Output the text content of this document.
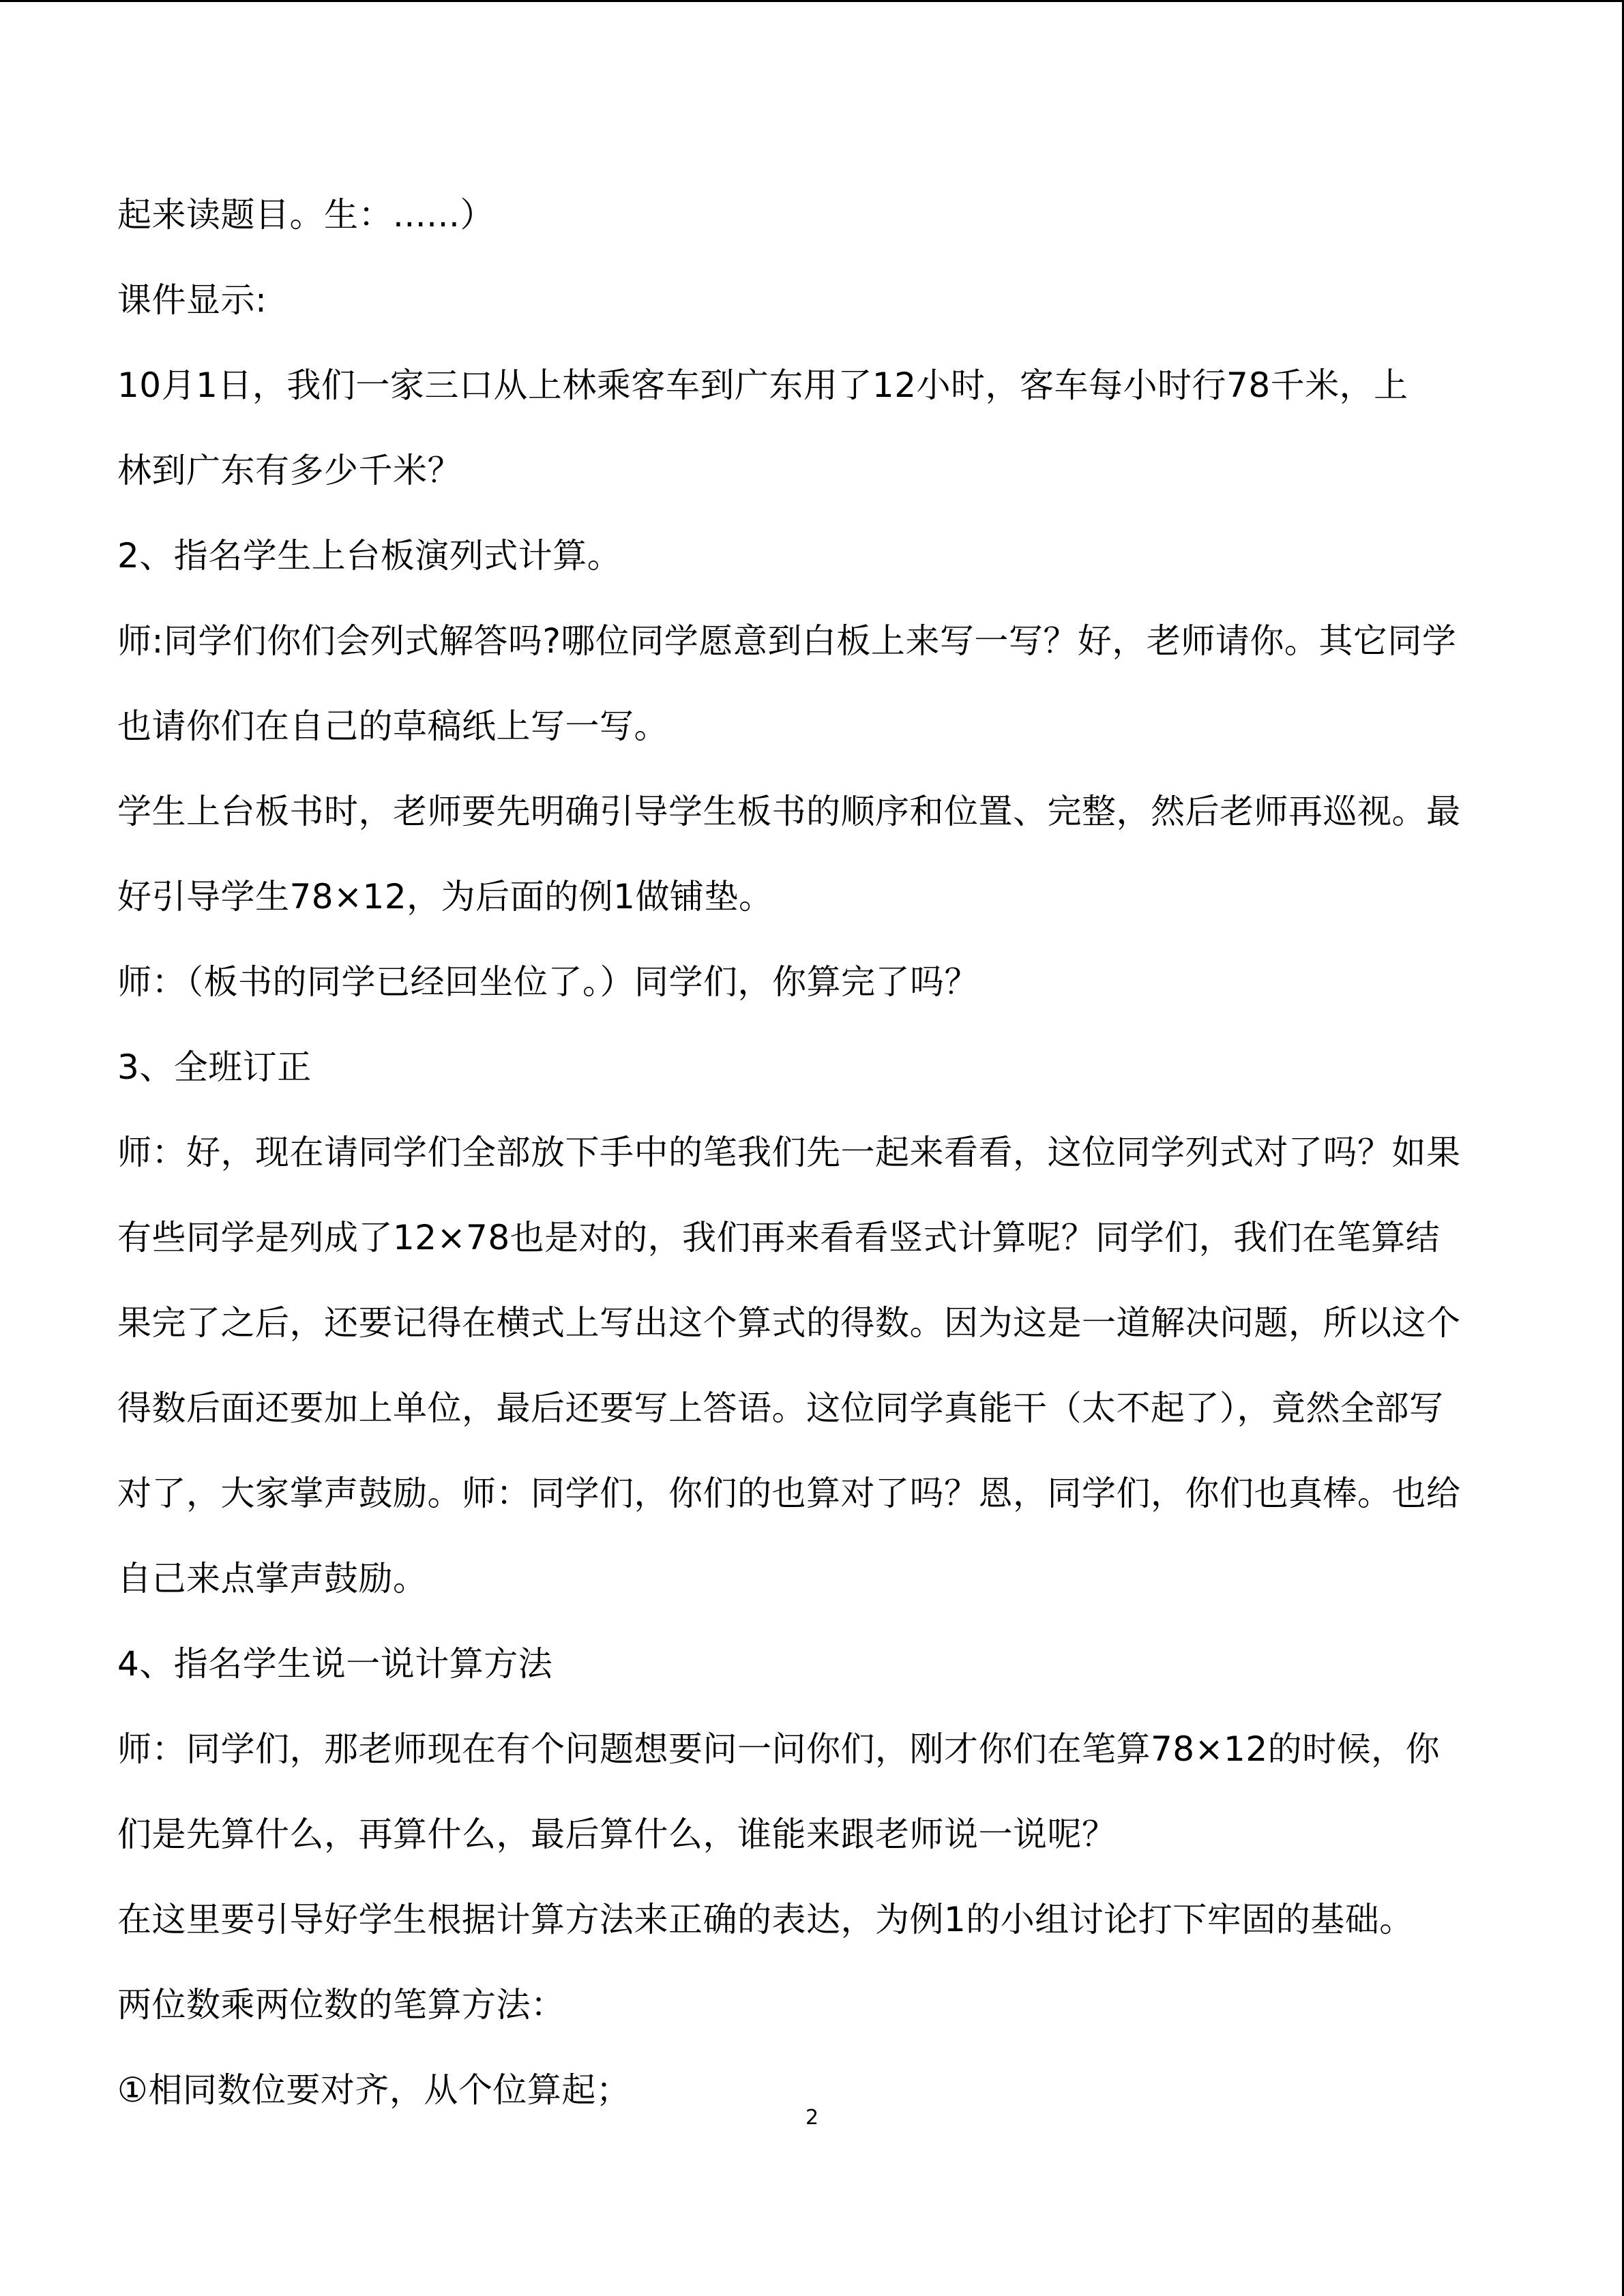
起来读题目。生：......）
课件显示:
10月1日，我们一家三口从上林乘客车到广东用了12小时，客车每小时行78千米，上
林到广东有多少千米？
2、指名学生上台板演列式计算。
师:同学们你们会列式解答吗?哪位同学愿意到白板上来写一写？好，老师请你。其它同学
也请你们在自己的草稿纸上写一写。
学生上台板书时，老师要先明确引导学生板书的顺序和位置、完整，然后老师再巡视。最
好引导学生78×12，为后面的例1做铺垫。
师：（板书的同学已经回坐位了。）同学们，你算完了吗？
3、全班订正
师：好，现在请同学们全部放下手中的笔我们先一起来看看，这位同学列式对了吗？如果
有些同学是列成了12×78也是对的，我们再来看看竖式计算呢？同学们，我们在笔算结
果完了之后，还要记得在横式上写出这个算式的得数。因为这是一道解决问题，所以这个
得数后面还要加上单位，最后还要写上答语。这位同学真能干（太不起了），竟然全部写
对了，大家掌声鼓励。师：同学们，你们的也算对了吗？恩，同学们，你们也真棒。也给
自己来点掌声鼓励。
4、指名学生说一说计算方法
师：同学们，那老师现在有个问题想要问一问你们，刚才你们在笔算78×12的时候，你
们是先算什么，再算什么，最后算什么，谁能来跟老师说一说呢？
在这里要引导好学生根据计算方法来正确的表达，为例1的小组讨论打下牢固的基础。
两位数乘两位数的笔算方法：
①相同数位要对齐，从个位算起；
2
